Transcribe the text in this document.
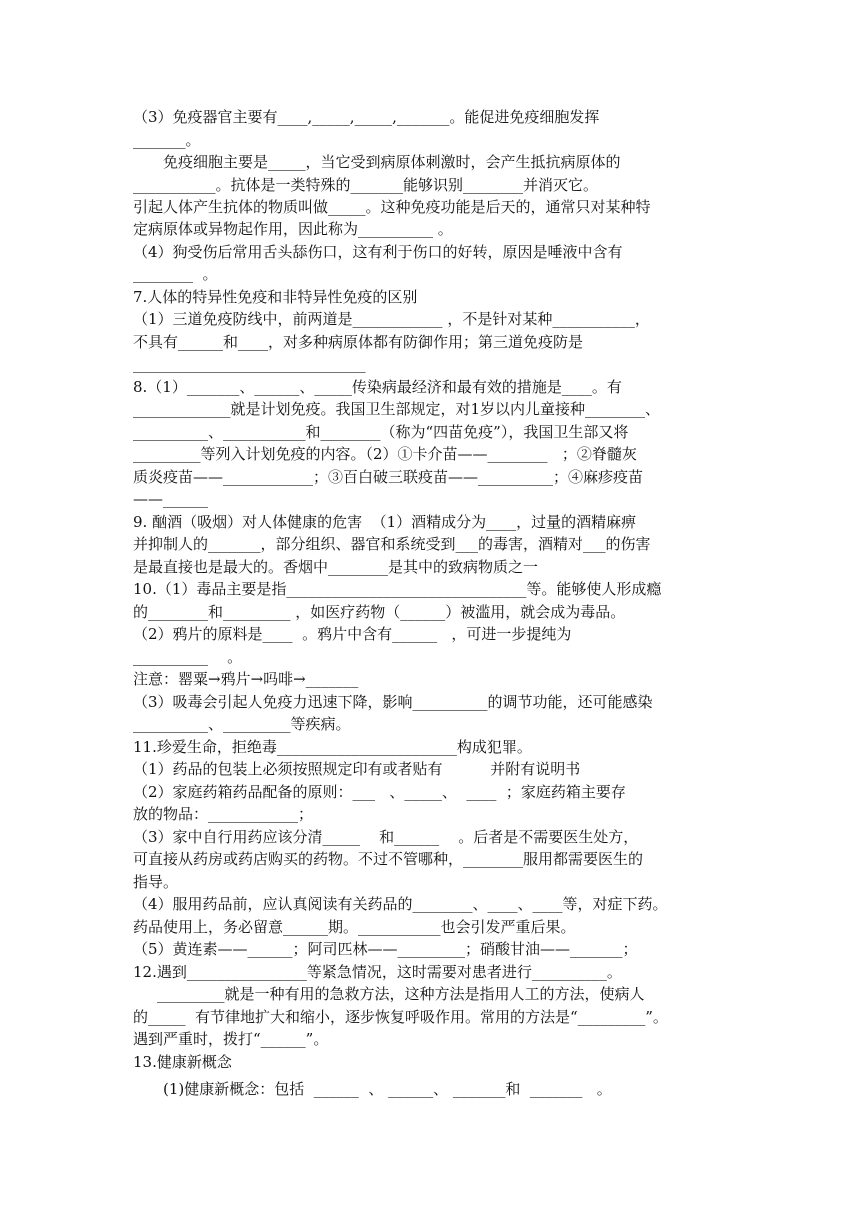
（3）免疫器官主要有____,_____,_____,_______。能促进免疫细胞发挥
_______。
免疫细胞主要是_____，当它受到病原体刺激时，会产生抵抗病原体的
___________。抗体是一类特殊的_______能够识别________并消灭它。
引起人体产生抗体的物质叫做_____。这种免疫功能是后天的，通常只对某种特
定病原体或异物起作用，因此称为__________ 。
（4）狗受伤后常用舌头舔伤口，这有利于伤口的好转，原因是唾液中含有
________  。
7.人体的特异性免疫和非特异性免疫的区别
（1）三道免疫防线中，前两道是____________ ，不是针对某种___________，
不具有______和____，对多种病原体都有防御作用；第三道免疫防是
_______________________________
8.（1）_______、______、_____传染病最经济和最有效的措施是____。有
_____________就是计划免疫。我国卫生部规定，对1岁以内儿童接种________、
__________、___________和________（称为“四苗免疫”），我国卫生部又将
_________等列入计划免疫的内容。（2）①卡介苗——________   ；②脊髓灰
质炎疫苗——____________；③百白破三联疫苗——__________；④麻疹疫苗
——______
9. 酗酒（吸烟）对人体健康的危害  （1）酒精成分为____，过量的酒精麻痹
并抑制人的_______，部分组织、器官和系统受到___的毒害，酒精对___的伤害
是最直接也是最大的。香烟中________是其中的致病物质之一
10.（1）毒品主要是指________________________________等。能够使人形成瘾
的________和_________ ，如医疗药物（______）被滥用，就会成为毒品。
（2）鸦片的原料是____  。鸦片中含有______   ，可进一步提纯为
__________    。
注意：罂粟→鸦片→吗啡→_______
（3）吸毒会引起人免疫力迅速下降，影响__________的调节功能，还可能感染
__________、_________等疾病。
11.珍爱生命，拒绝毒________________________构成犯罪。
（1）药品的包装上必须按照规定印有或者贴有          并附有说明书
（2）家庭药箱药品配备的原则：___   、_____、  ____  ；家庭药箱主要存
放的物品：____________；
（3）家中自行用药应该分清_____    和______    。后者是不需要医生处方，
可直接从药房或药店购买的药物。不过不管哪种，________服用都需要医生的
指导。
（4）服用药品前，应认真阅读有关药品的________、____、____等，对症下药。
药品使用上，务必留意______期。___________也会引发严重后果。
（5）黄连素——______；阿司匹林——_________；硝酸甘油——_______；
12.遇到________________等紧急情况，这时需要对患者进行__________。
_________就是一种有用的急救方法，这种方法是指用人工的方法，使病人
的_____  有节律地扩大和缩小，逐步恢复呼吸作用。常用的方法是“_________”。
遇到严重时，拨打“______”。
13.健康新概念
(1)健康新概念：包括  ______  、 ______、 _______和  _______   。
